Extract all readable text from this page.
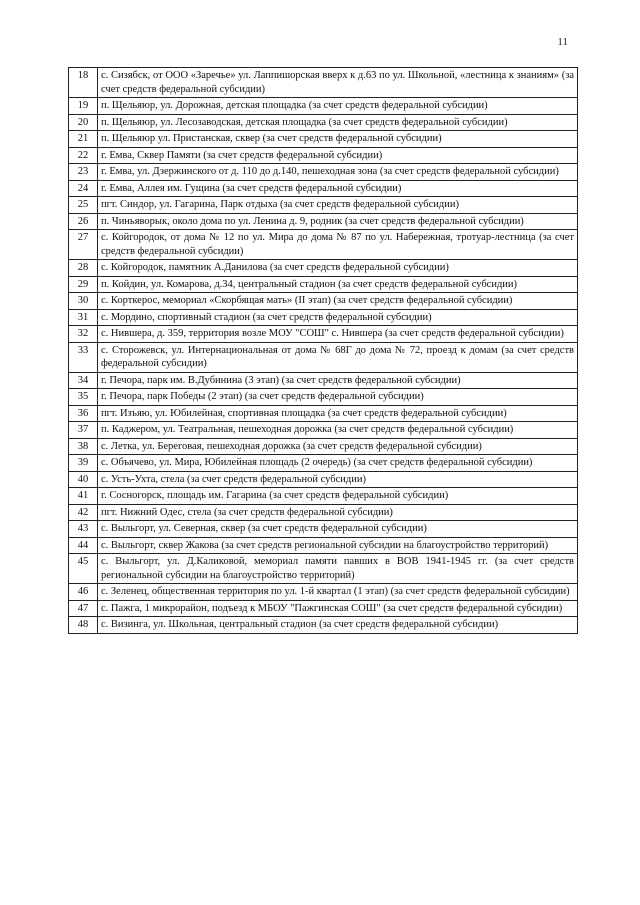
11
18	с. Сизябск, от ООО «Заречье» ул. Лаппишорская вверх к д.63 по ул. Школьной, «лестница к знаниям» (за счет средств федеральной субсидии)
19	п. Щельяюр, ул. Дорожная, детская площадка (за счет средств федеральной субсидии)
20	п. Щельяюр, ул. Лесозаводская, детская площадка (за счет средств федеральной субсидии)
21	п. Щельяюр ул. Пристанская, сквер (за счет средств федеральной субсидии)
22	г. Емва, Сквер Памяти (за счет средств федеральной субсидии)
23	г. Емва, ул. Дзержинского от д. 110 до д.140, пешеходная зона (за счет средств федеральной субсидии)
24	г. Емва, Аллея им. Гущина (за счет средств федеральной субсидии)
25	пгт. Синдор, ул. Гагарина, Парк отдыха (за счет средств федеральной субсидии)
26	п. Чиньяворык, около дома по ул. Ленина д. 9, родник (за счет средств федеральной субсидии)
27	с. Койгородок, от дома № 12 по ул. Мира до дома № 87 по ул. Набережная, тротуар-лестница (за счет средств федеральной субсидии)
28	с. Койгородок, памятник А.Данилова (за счет средств федеральной субсидии)
29	п. Койдин, ул. Комарова, д.34, центральный стадион (за счет средств федеральной субсидии)
30	с. Корткерос, мемориал «Скорбящая мать» (II этап) (за счет средств федеральной субсидии)
31	с. Мордино, спортивный стадион (за счет средств федеральной субсидии)
32	с. Нившера, д. 359, территория возле МОУ "СОШ" с. Нившера (за счет средств федеральной субсидии)
33	с. Сторожевск, ул. Интернациональная от дома № 68Г до дома № 72, проезд к домам (за счет средств федеральной субсидии)
34	г. Печора, парк им. В.Дубинина (3 этап) (за счет средств федеральной субсидии)
35	г. Печора, парк Победы (2 этап) (за счет средств федеральной субсидии)
36	пгт. Изъяю, ул. Юбилейная, спортивная площадка (за счет средств федеральной субсидии)
37	п. Каджером, ул. Театральная, пешеходная дорожка (за счет средств федеральной субсидии)
38	с. Летка, ул. Береговая, пешеходная дорожка (за счет средств федеральной субсидии)
39	с. Объячево, ул. Мира, Юбилейная площадь (2 очередь) (за счет средств федеральной субсидии)
40	с. Усть-Ухта, стела (за счет средств федеральной субсидии)
41	г. Сосногорск, площадь им. Гагарина (за счет средств федеральной субсидии)
42	пгт. Нижний Одес, стела (за счет средств федеральной субсидии)
43	с. Выльгорт, ул. Северная, сквер (за счет средств федеральной субсидии)
44	с. Выльгорт, сквер Жакова (за счет средств региональной субсидии на благоустройство территорий)
45	с. Выльгорт, ул. Д.Каликовой, мемориал памяти павших в ВОВ 1941-1945 гг. (за счет средств региональной субсидии на благоустройство территорий)
46	с. Зеленец, общественная территория по ул. 1-й квартал (1 этап) (за счет средств федеральной субсидии)
47	с. Пажга, 1 микрорайон, подъезд к МБОУ "Пажгинская СОШ" (за счет средств федеральной субсидии)
48	с. Визинга, ул. Школьная, центральный стадион (за счет средств федеральной субсидии)
